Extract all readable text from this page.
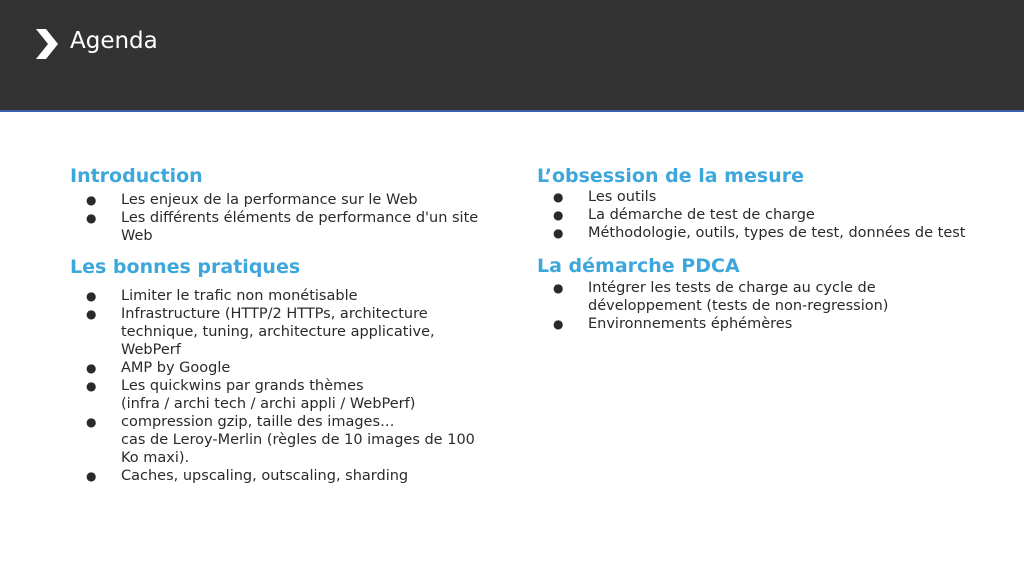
Agenda
Introduction
● Les enjeux de la performance sur le Web
● Les différents éléments de performance d'un site Web
Les bonnes pratiques
● Limiter le trafic non monétisable
● Infrastructure (HTTP/2 HTTPs, architecture technique, tuning, architecture applicative, WebPerf
● AMP by Google
● Les quickwins par grands thèmes
(infra / archi tech / archi appli / WebPerf)
● compression gzip, taille des images…
cas de Leroy-Merlin (règles de 10 images de 100 Ko maxi).
● Caches, upscaling, outscaling, sharding
L’obsession de la mesure
● Les outils
● La démarche de test de charge
● Méthodologie, outils, types de test, données de test
La démarche PDCA
● Intégrer les tests de charge au cycle de développement (tests de non-regression)
● Environnements éphémères
